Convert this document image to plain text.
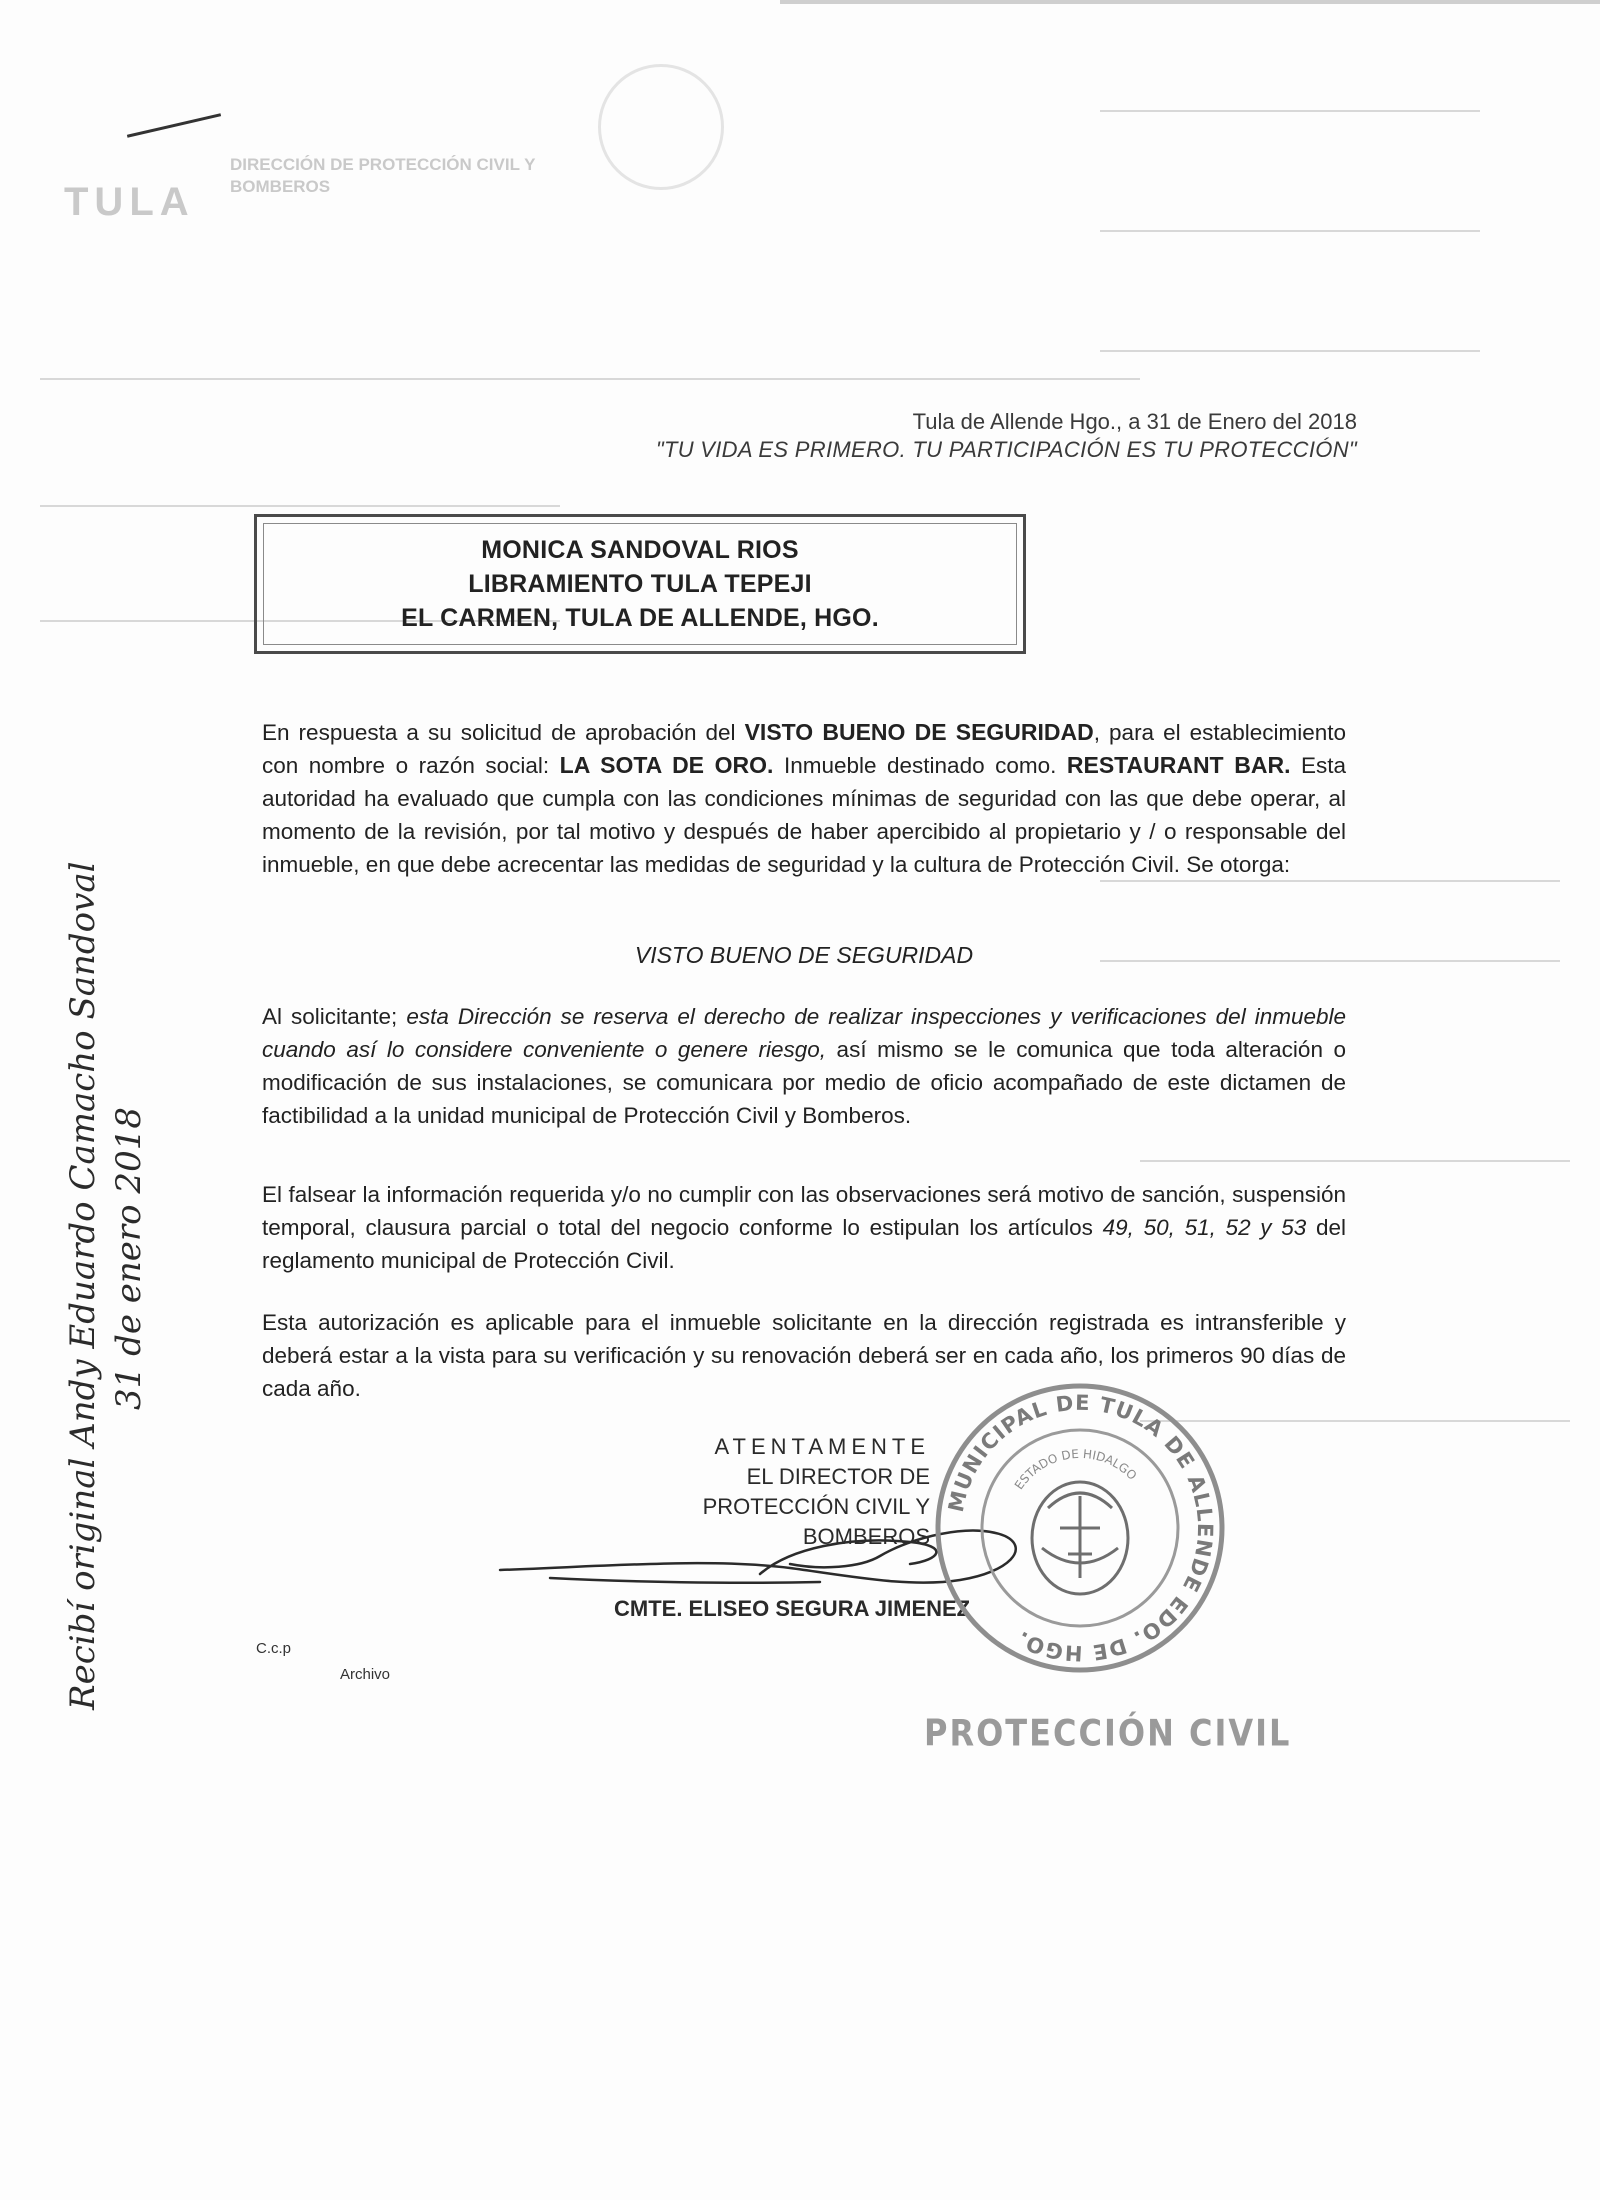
TULA
DIRECCIÓN DE PROTECCIÓN CIVIL Y BOMBEROS
Tula de Allende Hgo., a 31 de Enero del 2018
"TU VIDA ES PRIMERO. TU PARTICIPACIÓN ES TU PROTECCIÓN"
MONICA SANDOVAL RIOS
LIBRAMIENTO TULA TEPEJI
EL CARMEN, TULA DE ALLENDE, HGO.
En respuesta a su solicitud de aprobación del VISTO BUENO DE SEGURIDAD, para el establecimiento con nombre o razón social: LA SOTA DE ORO. Inmueble destinado como. RESTAURANT BAR. Esta autoridad ha evaluado que cumpla con las condiciones mínimas de seguridad con las que debe operar, al momento de la revisión, por tal motivo y después de haber apercibido al propietario y / o responsable del inmueble, en que debe acrecentar las medidas de seguridad y la cultura de Protección Civil. Se otorga:
VISTO BUENO DE SEGURIDAD
Al solicitante; esta Dirección se reserva el derecho de realizar inspecciones y verificaciones del inmueble cuando así lo considere conveniente o genere riesgo, así mismo se le comunica que toda alteración o modificación de sus instalaciones, se comunicara por medio de oficio acompañado de este dictamen de factibilidad a la unidad municipal de Protección Civil y Bomberos.
El falsear la información requerida y/o no cumplir con las observaciones será motivo de sanción, suspensión temporal, clausura parcial o total del negocio conforme lo estipulan los artículos 49, 50, 51, 52 y 53 del reglamento municipal de Protección Civil.
Esta autorización es aplicable para el inmueble solicitante en la dirección registrada es intransferible y deberá estar a la vista para su verificación y su renovación deberá ser en cada año, los primeros 90 días de cada año.
ATENTAMENTE
EL DIRECTOR DE
PROTECCIÓN CIVIL Y BOMBEROS
CMTE. ELISEO SEGURA JIMENEZ
MUNICIPAL DE TULA DE ALLENDE EDO. DE HGO.
ESTADO DE HIDALGO
PROTECCIÓN CIVIL
C.c.p
Archivo
Recibí original Andy Eduardo Camacho Sandoval 31 de enero 2018
